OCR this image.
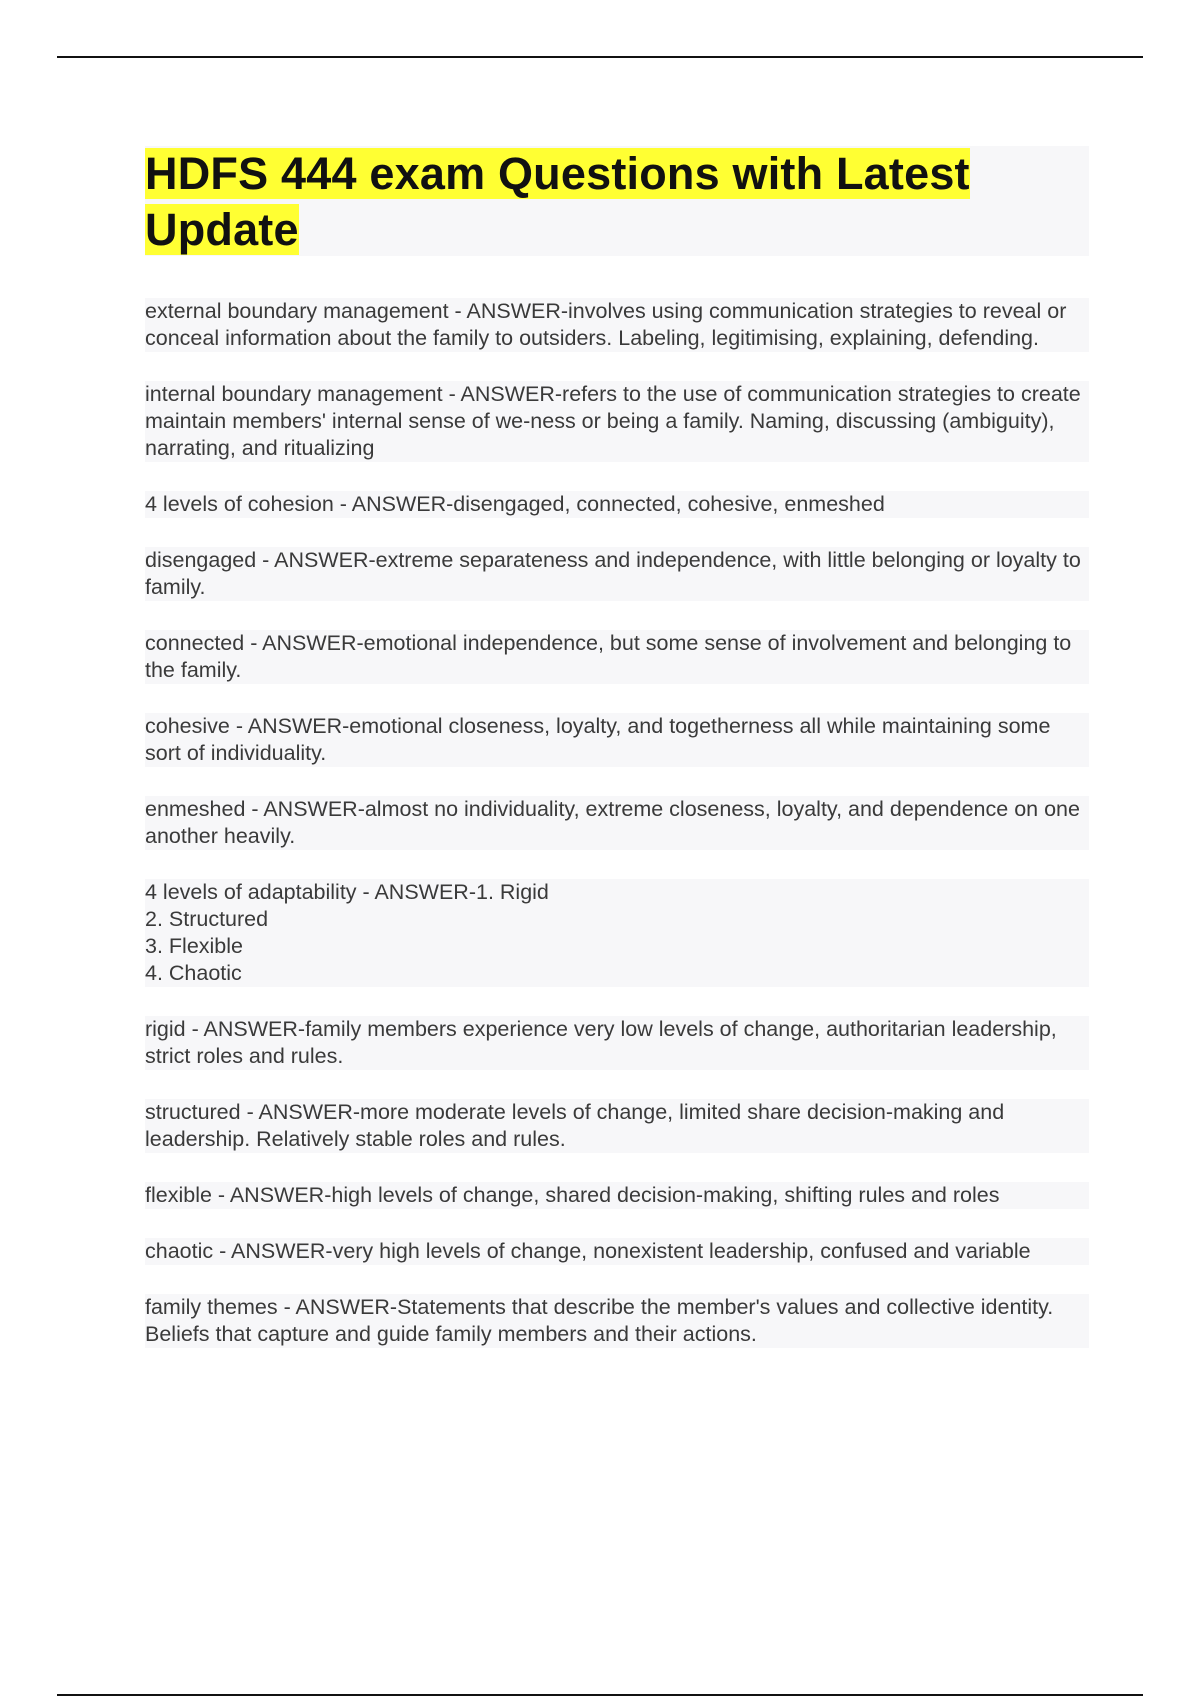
HDFS 444 exam Questions with Latest Update

external boundary management - ANSWER-involves using communication strategies to reveal or conceal information about the family to outsiders. Labeling, legitimising, explaining, defending.

internal boundary management - ANSWER-refers to the use of communication strategies to create maintain members' internal sense of we-ness or being a family. Naming, discussing (ambiguity), narrating, and ritualizing

4 levels of cohesion - ANSWER-disengaged, connected, cohesive, enmeshed

disengaged - ANSWER-extreme separateness and independence, with little belonging or loyalty to family.

connected - ANSWER-emotional independence, but some sense of involvement and belonging to the family.

cohesive - ANSWER-emotional closeness, loyalty, and togetherness all while maintaining some sort of individuality.

enmeshed - ANSWER-almost no individuality, extreme closeness, loyalty, and dependence on one another heavily.

4 levels of adaptability - ANSWER-1. Rigid
2. Structured
3. Flexible
4. Chaotic

rigid - ANSWER-family members experience very low levels of change, authoritarian leadership, strict roles and rules.

structured - ANSWER-more moderate levels of change, limited share decision-making and leadership. Relatively stable roles and rules.

flexible - ANSWER-high levels of change, shared decision-making, shifting rules and roles

chaotic - ANSWER-very high levels of change, nonexistent leadership, confused and variable

family themes - ANSWER-Statements that describe the member's values and collective identity. Beliefs that capture and guide family members and their actions.
